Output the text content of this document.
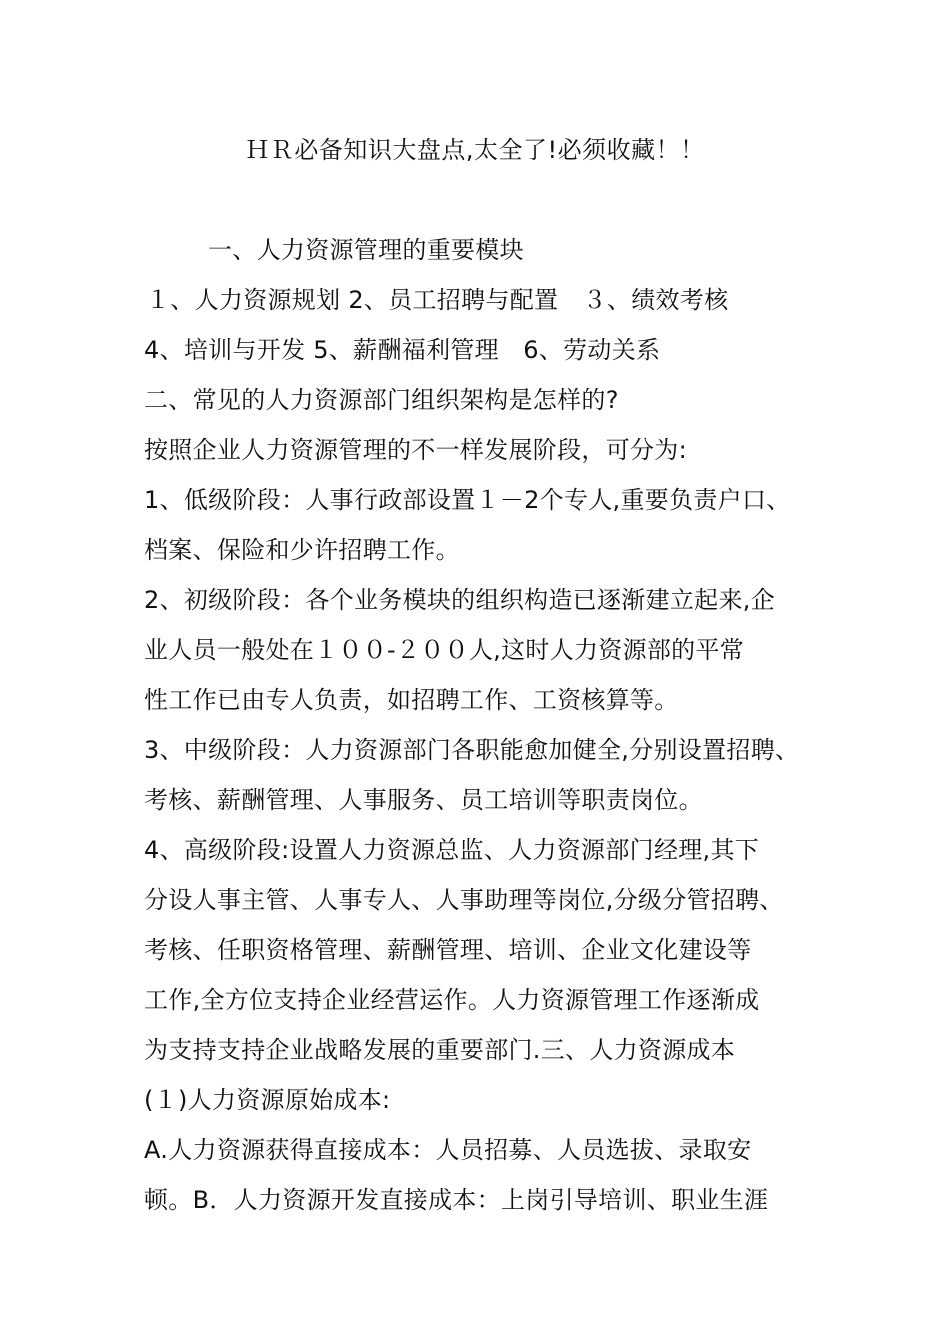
ＨＲ必备知识大盘点,太全了!必须收藏！！
一、人力资源管理的重要模块
１、人力资源规划 2、员工招聘与配置　３、绩效考核
4、培训与开发 5、薪酬福利管理　6、劳动关系
二、常见的人力资源部门组织架构是怎样的?
按照企业人力资源管理的不一样发展阶段，可分为:
1、低级阶段：人事行政部设置１－2个专人,重要负责户口、
档案、保险和少许招聘工作。
2、初级阶段：各个业务模块的组织构造已逐渐建立起来,企
业人员一般处在１００-２００人,这时人力资源部的平常
性工作已由专人负责，如招聘工作、工资核算等。
3、中级阶段：人力资源部门各职能愈加健全,分别设置招聘、
考核、薪酬管理、人事服务、员工培训等职责岗位。
4、高级阶段:设置人力资源总监、人力资源部门经理,其下
分设人事主管、人事专人、人事助理等岗位,分级分管招聘、
考核、任职资格管理、薪酬管理、培训、企业文化建设等
工作,全方位支持企业经营运作。人力资源管理工作逐渐成
为支持支持企业战略发展的重要部门.三、人力资源成本
(１)人力资源原始成本:
A.人力资源获得直接成本：人员招募、人员选拔、录取安
顿。B．人力资源开发直接成本：上岗引导培训、职业生涯
